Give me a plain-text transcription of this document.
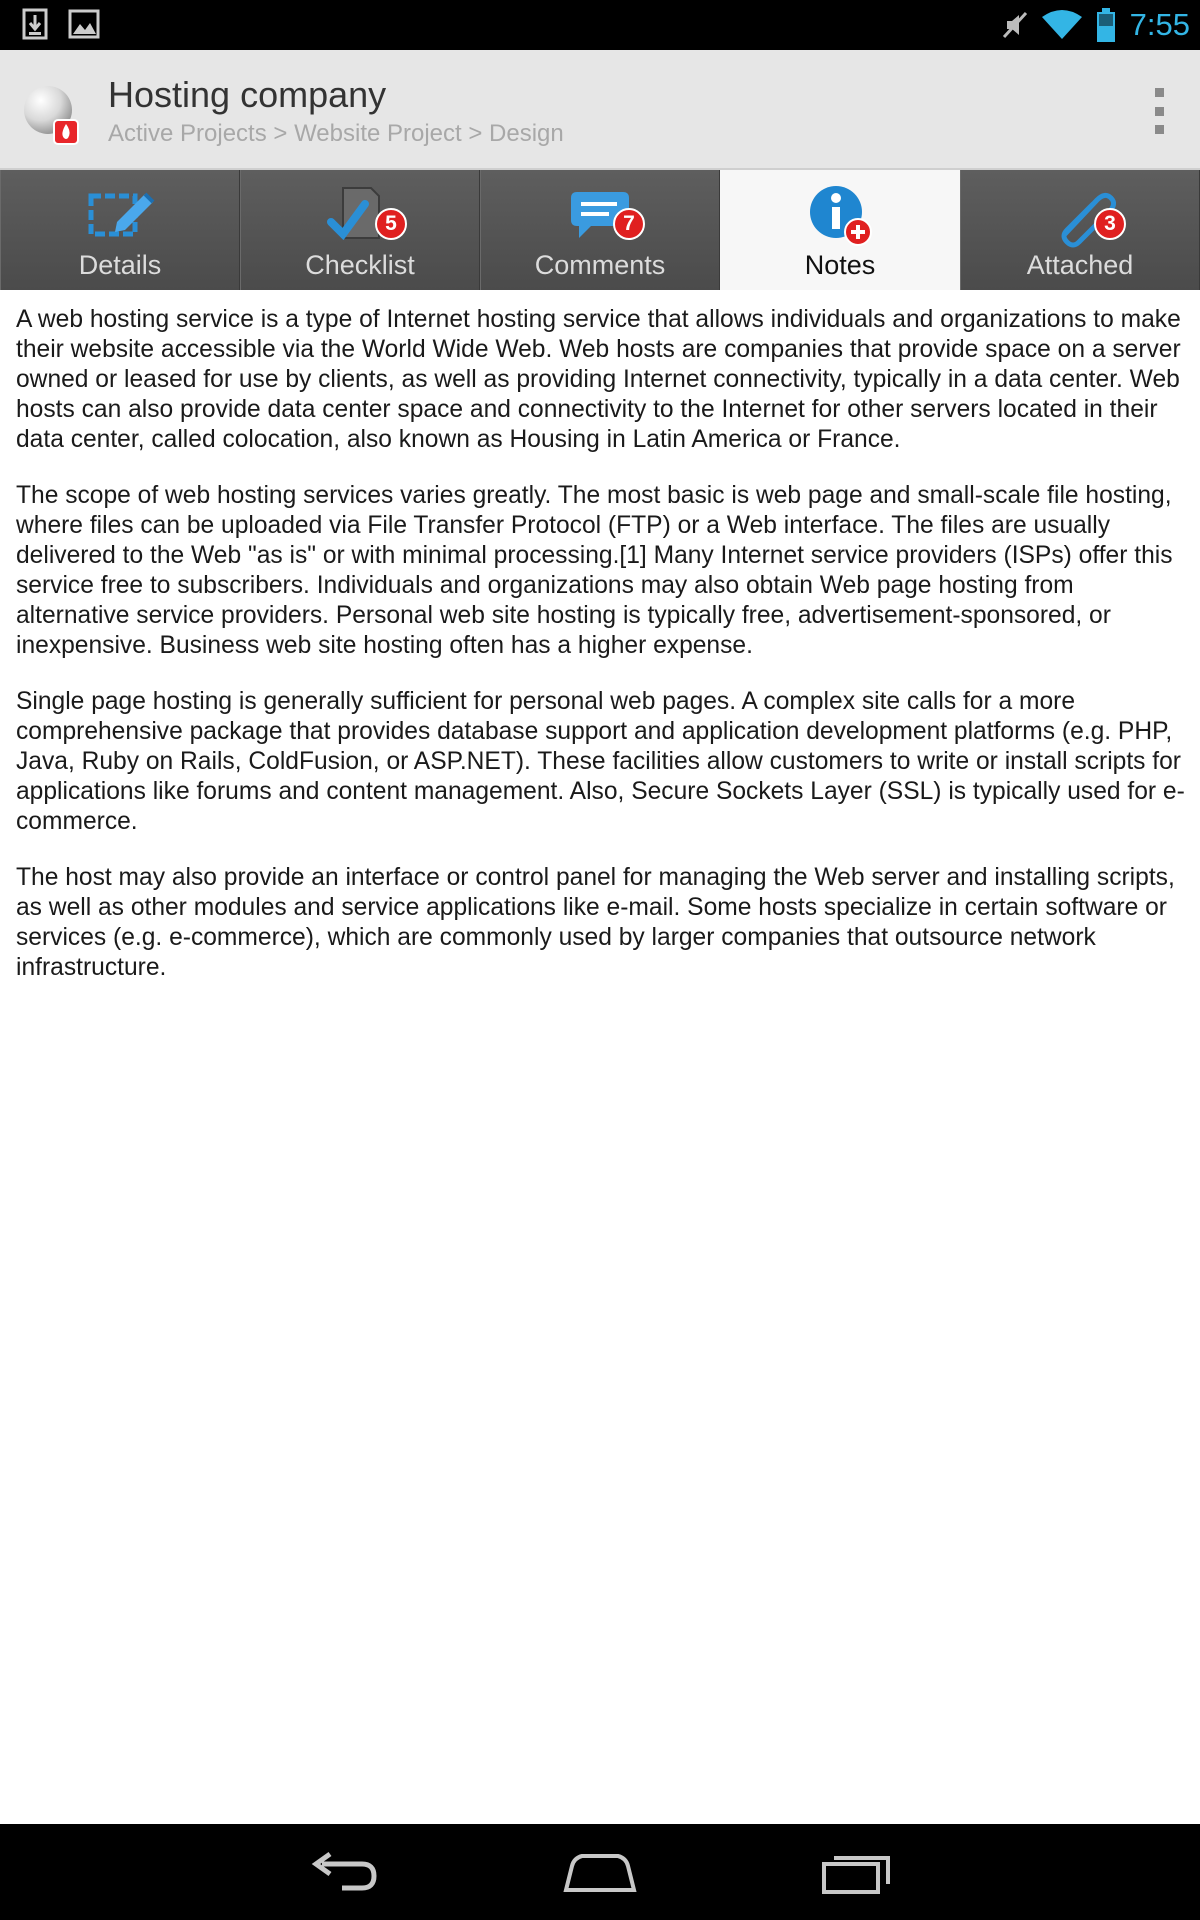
7:55
Hosting company
Active Projects > Website Project > Design
Details
5
Checklist
7
Comments	Notes
3
Attached

A web hosting service is a type of Internet hosting service that allows individuals and organizations to make their website accessible via the World Wide Web. Web hosts are companies that provide space on a server owned or leased for use by clients, as well as providing Internet connectivity, typically in a data center. Web hosts can also provide data center space and connectivity to the Internet for other servers located in their data center, called colocation, also known as Housing in Latin America or France.

The scope of web hosting services varies greatly. The most basic is web page and small-scale file hosting, where files can be uploaded via File Transfer Protocol (FTP) or a Web interface. The files are usually delivered to the Web "as is" or with minimal processing.[1] Many Internet service providers (ISPs) offer this service free to subscribers. Individuals and organizations may also obtain Web page hosting from alternative service providers. Personal web site hosting is typically free, advertisement-sponsored, or inexpensive. Business web site hosting often has a higher expense.

Single page hosting is generally sufficient for personal web pages. A complex site calls for a more comprehensive package that provides database support and application development platforms (e.g. PHP, Java, Ruby on Rails, ColdFusion, or ASP.NET). These facilities allow customers to write or install scripts for applications like forums and content management. Also, Secure Sockets Layer (SSL) is typically used for e-commerce.

The host may also provide an interface or control panel for managing the Web server and installing scripts, as well as other modules and service applications like e-mail. Some hosts specialize in certain software or services (e.g. e-commerce), which are commonly used by larger companies that outsource network infrastructure.
